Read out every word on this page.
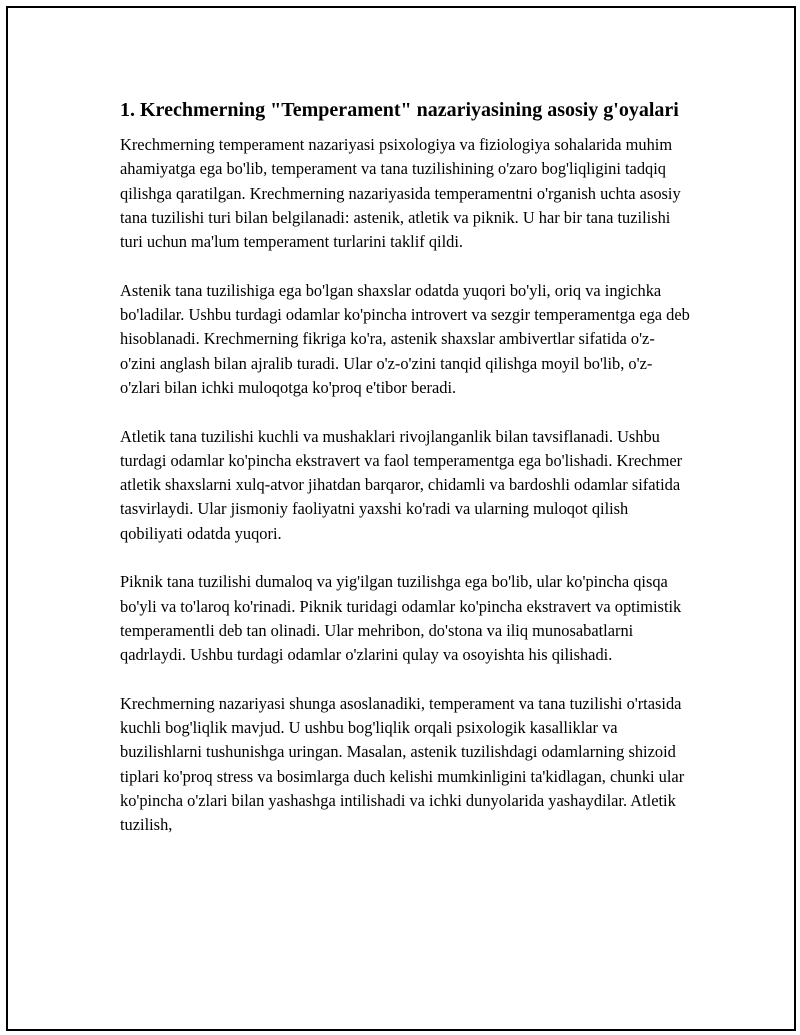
1. Krechmerning "Temperament" nazariyasining asosiy g'oyalari

Krechmerning temperament nazariyasi psixologiya va fiziologiya sohalarida muhim ahamiyatga ega bo'lib, temperament va tana tuzilishining o'zaro bog'liqligini tadqiq qilishga qaratilgan. Krechmerning nazariyasida temperamentni o'rganish uchta asosiy tana tuzilishi turi bilan belgilanadi: astenik, atletik va piknik. U har bir tana tuzilishi turi uchun ma'lum temperament turlarini taklif qildi.

Astenik tana tuzilishiga ega bo'lgan shaxslar odatda yuqori bo'yli, oriq va ingichka bo'ladilar. Ushbu turdagi odamlar ko'pincha introvert va sezgir temperamentga ega deb hisoblanadi. Krechmerning fikriga ko'ra, astenik shaxslar ambivertlar sifatida o'z-o'zini anglash bilan ajralib turadi. Ular o'z-o'zini tanqid qilishga moyil bo'lib, o'z-o'zlari bilan ichki muloqotga ko'proq e'tibor beradi.

Atletik tana tuzilishi kuchli va mushaklari rivojlanganlik bilan tavsiflanadi. Ushbu turdagi odamlar ko'pincha ekstravert va faol temperamentga ega bo'lishadi. Krechmer atletik shaxslarni xulq-atvor jihatdan barqaror, chidamli va bardoshli odamlar sifatida tasvirlaydi. Ular jismoniy faoliyatni yaxshi ko'radi va ularning muloqot qilish qobiliyati odatda yuqori.

Piknik tana tuzilishi dumaloq va yig'ilgan tuzilishga ega bo'lib, ular ko'pincha qisqa bo'yli va to'laroq ko'rinadi. Piknik turidagi odamlar ko'pincha ekstravert va optimistik temperamentli deb tan olinadi. Ular mehribon, do'stona va iliq munosabatlarni qadrlaydi. Ushbu turdagi odamlar o'zlarini qulay va osoyishta his qilishadi.

Krechmerning nazariyasi shunga asoslanadiki, temperament va tana tuzilishi o'rtasida kuchli bog'liqlik mavjud. U ushbu bog'liqlik orqali psixologik kasalliklar va buzilishlarni tushunishga uringan. Masalan, astenik tuzilishdagi odamlarning shizoid tiplari ko'proq stress va bosimlarga duch kelishi mumkinligini ta'kidlagan, chunki ular ko'pincha o'zlari bilan yashashga intilishadi va ichki dunyolarida yashaydilar. Atletik tuzilish,
